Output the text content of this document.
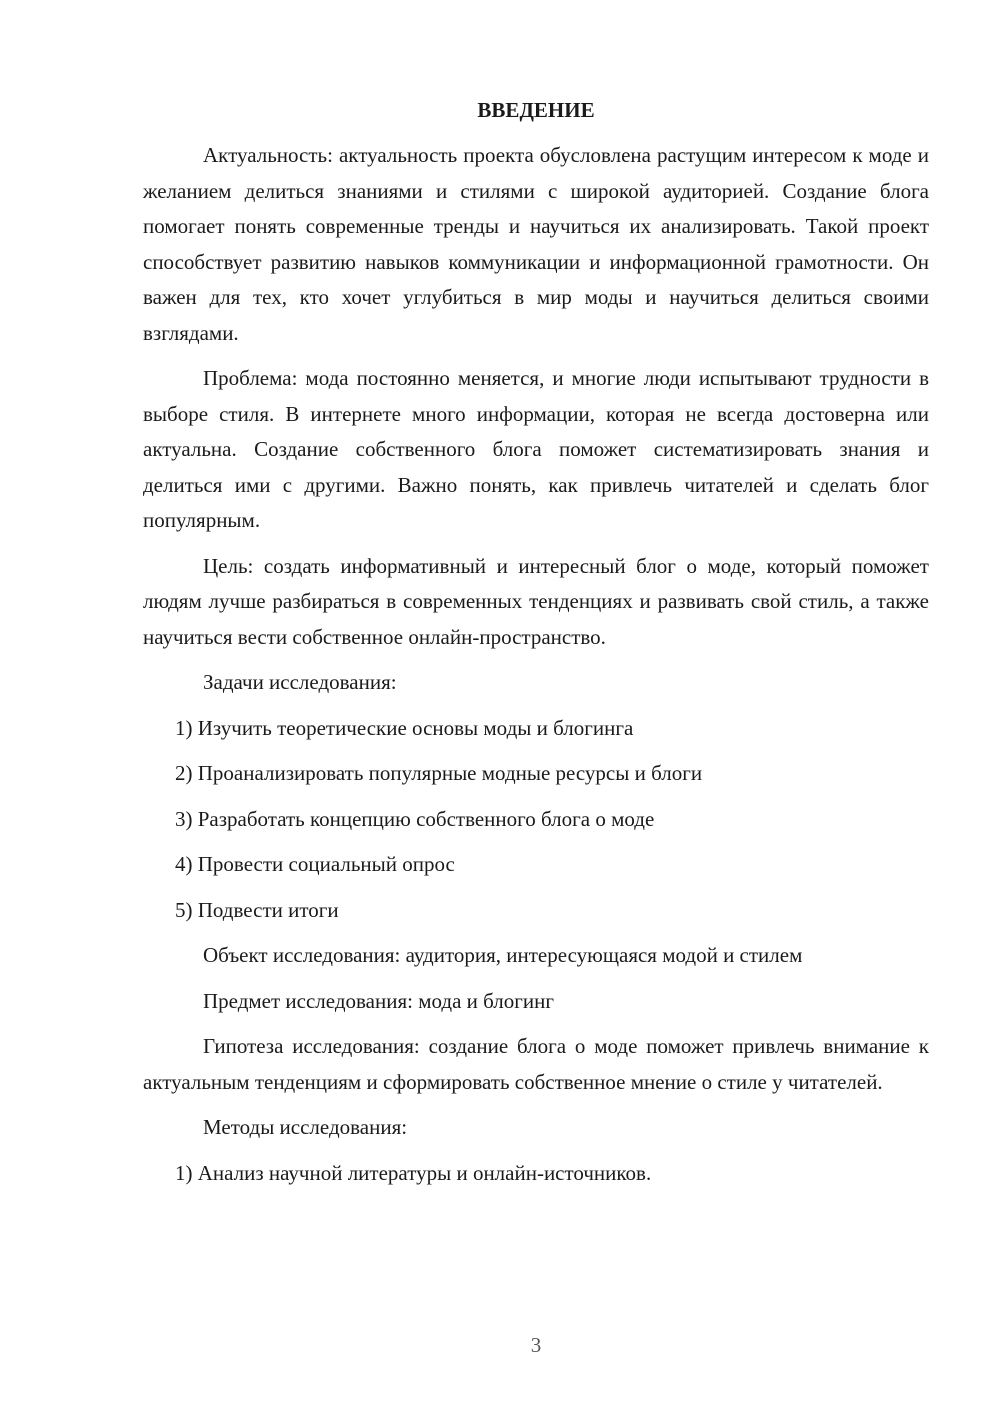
ВВЕДЕНИЕ

Актуальность: актуальность проекта обусловлена растущим интересом к моде и желанием делиться знаниями и стилями с широкой аудиторией. Создание блога помогает понять современные тренды и научиться их анализировать. Такой проект способствует развитию навыков коммуникации и информационной грамотности. Он важен для тех, кто хочет углубиться в мир моды и научиться делиться своими взглядами.

Проблема: мода постоянно меняется, и многие люди испытывают трудности в выборе стиля. В интернете много информации, которая не всегда достоверна или актуальна. Создание собственного блога поможет систематизировать знания и делиться ими с другими. Важно понять, как привлечь читателей и сделать блог популярным.

Цель: создать информативный и интересный блог о моде, который поможет людям лучше разбираться в современных тенденциях и развивать свой стиль, а также научиться вести собственное онлайн-пространство.

Задачи исследования:

1) Изучить теоретические основы моды и блогинга
2) Проанализировать популярные модные ресурсы и блоги
3) Разработать концепцию собственного блога о моде
4) Провести социальный опрос
5) Подвести итоги

Объект исследования: аудитория, интересующаяся модой и стилем

Предмет исследования: мода и блогинг

Гипотеза исследования: создание блога о моде поможет привлечь внимание к актуальным тенденциям и сформировать собственное мнение о стиле у читателей.

Методы исследования:

1) Анализ научной литературы и онлайн-источников.
3
